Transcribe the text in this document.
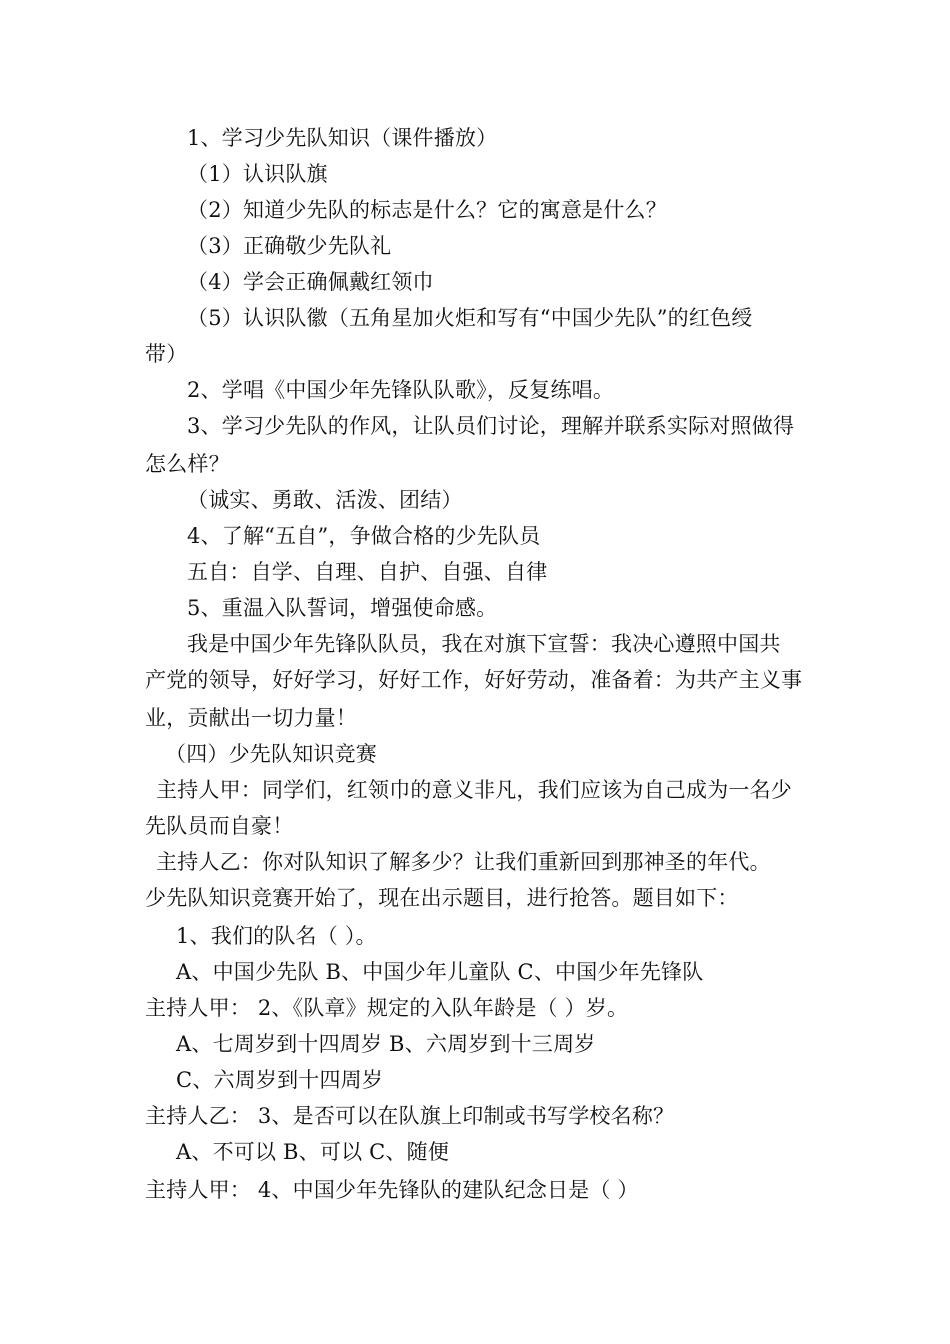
1、学习少先队知识（课件播放）
（1）认识队旗
（2）知道少先队的标志是什么？它的寓意是什么？
（3）正确敬少先队礼
（4）学会正确佩戴红领巾
（5）认识队徽（五角星加火炬和写有“中国少先队”的红色绶
带）
2、学唱《中国少年先锋队队歌》，反复练唱。
3、学习少先队的作风，让队员们讨论，理解并联系实际对照做得
怎么样？
（诚实、勇敢、活泼、团结）
4、了解“五自”，争做合格的少先队员
五自：自学、自理、自护、自强、自律
5、重温入队誓词，增强使命感。
我是中国少年先锋队队员，我在对旗下宣誓：我决心遵照中国共
产党的领导，好好学习，好好工作，好好劳动，准备着：为共产主义事
业，贡献出一切力量！
（四）少先队知识竞赛
主持人甲：同学们，红领巾的意义非凡，我们应该为自己成为一名少
先队员而自豪！
主持人乙：你对队知识了解多少？让我们重新回到那神圣的年代。
少先队知识竞赛开始了，现在出示题目，进行抢答。题目如下：
1、我们的队名（ ）。
A、中国少先队 B、中国少年儿童队 C、中国少年先锋队
主持人甲： 2、《队章》规定的入队年龄是（ ）岁。
A、七周岁到十四周岁 B、六周岁到十三周岁
C、六周岁到十四周岁
主持人乙： 3、是否可以在队旗上印制或书写学校名称？
A、不可以 B、可以 C、随便
主持人甲： 4、中国少年先锋队的建队纪念日是（ ）
